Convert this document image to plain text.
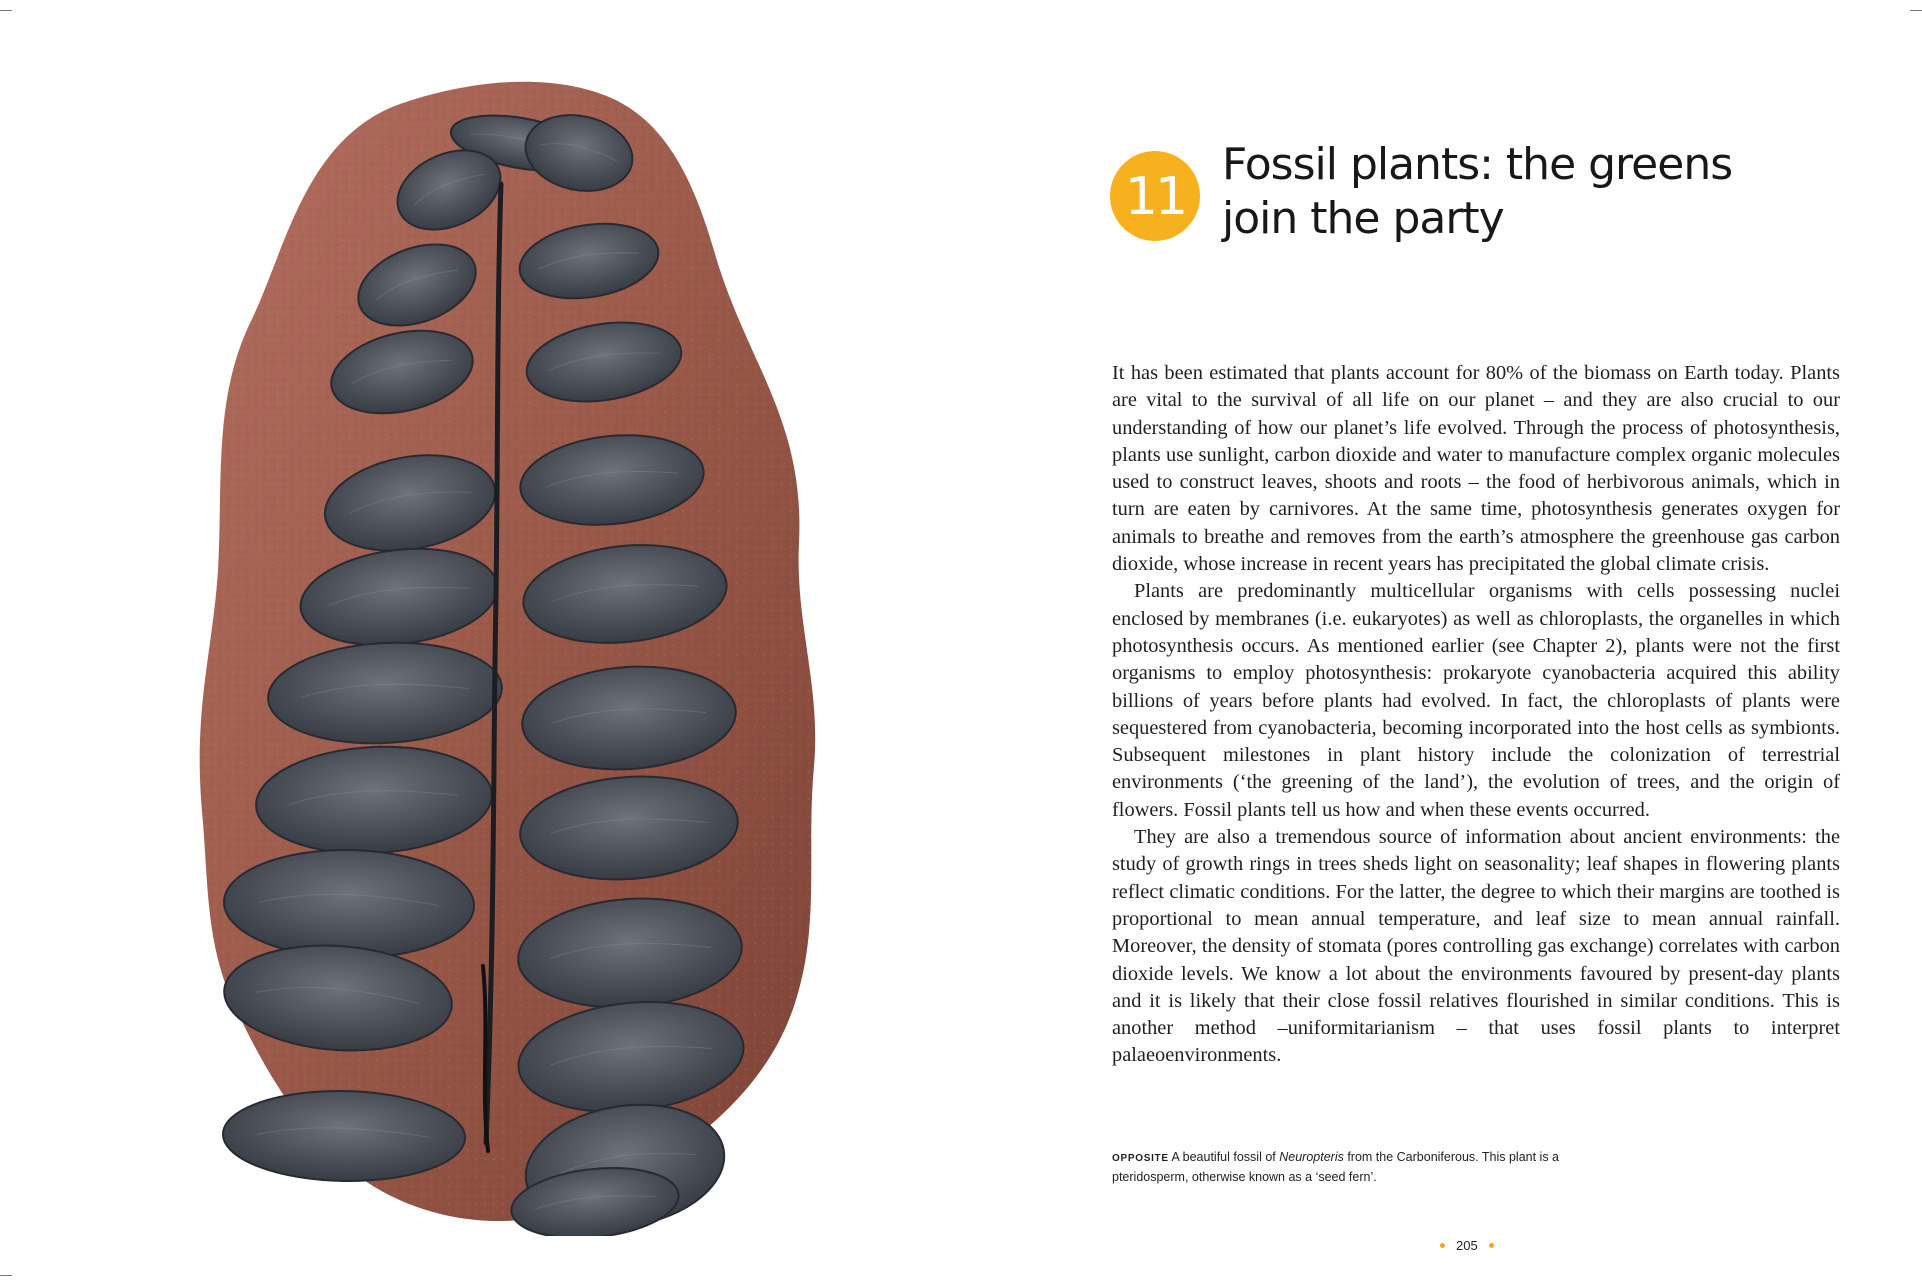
11
Fossil plants: the greens
join the party

It has been estimated that plants account for 80% of the biomass on Earth today. Plants are vital to the survival of all life on our planet – and they are also crucial to our understanding of how our planet’s life evolved. Through the process of photosynthesis, plants use sunlight, carbon dioxide and water to manufacture complex organic molecules used to construct leaves, shoots and roots – the food of herbivorous animals, which in turn are eaten by carnivores. At the same time, photosynthesis generates oxygen for animals to breathe and removes from the earth’s atmosphere the greenhouse gas carbon dioxide, whose increase in recent years has precipitated the global climate crisis.

Plants are predominantly multicellular organisms with cells possessing nuclei enclosed by membranes (i.e. eukaryotes) as well as chloroplasts, the organelles in which photosynthesis occurs. As mentioned earlier (see Chapter 2), plants were not the first organisms to employ photosynthesis: prokaryote cyanobacteria acquired this ability billions of years before plants had evolved. In fact, the chloroplasts of plants were sequestered from cyanobacteria, becoming incorporated into the host cells as symbionts. Subsequent milestones in plant history include the colonization of terrestrial environments (‘the greening of the land’), the evolution of trees, and the origin of flowers. Fossil plants tell us how and when these events occurred.

They are also a tremendous source of information about ancient environments: the study of growth rings in trees sheds light on seasonality; leaf shapes in flowering plants reflect climatic conditions. For the latter, the degree to which their margins are toothed is proportional to mean annual temperature, and leaf size to mean annual rainfall. Moreover, the density of stomata (pores controlling gas exchange) correlates with carbon dioxide levels. We know a lot about the environments favoured by present-day plants and it is likely that their close fossil relatives flourished in similar conditions. This is another method –uniformitarianism – that uses fossil plants to interpret palaeoenvironments.

OPPOSITE A beautiful fossil of Neuropteris from the Carboniferous. This plant is a pteridosperm, otherwise known as a ‘seed fern’.
205
